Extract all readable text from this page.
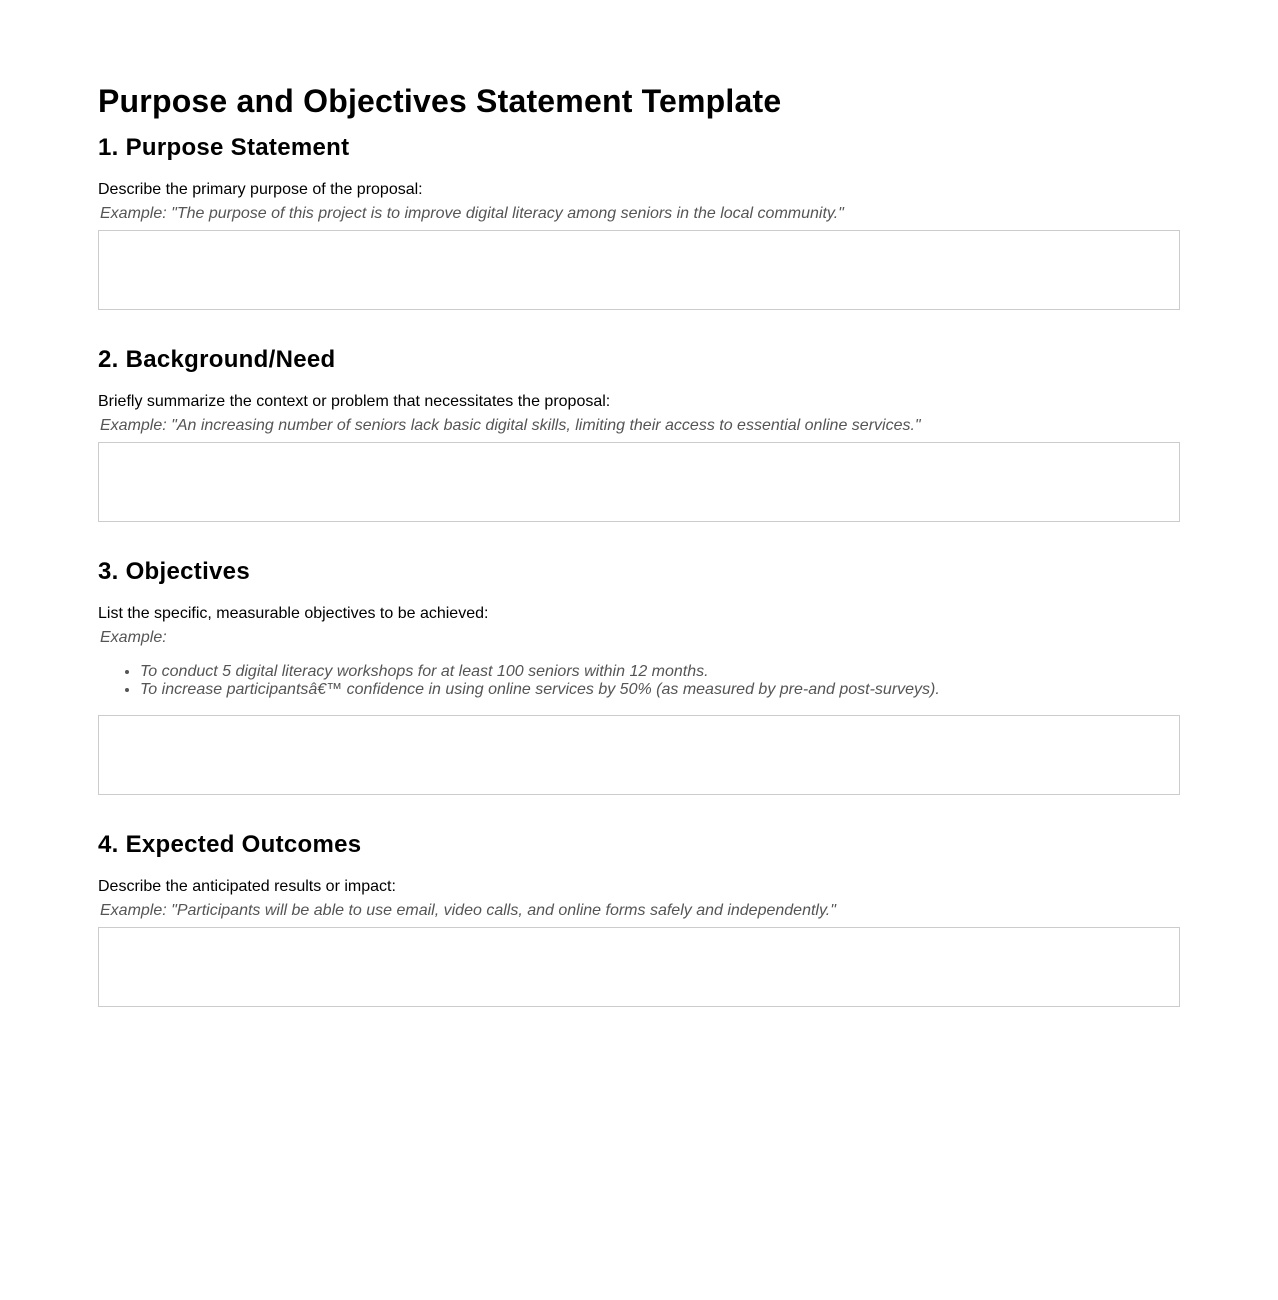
Purpose and Objectives Statement Template
1. Purpose Statement

Describe the primary purpose of the proposal:

Example: "The purpose of this project is to improve digital literacy among seniors in the local community."

2. Background/Need

Briefly summarize the context or problem that necessitates the proposal:

Example: "An increasing number of seniors lack basic digital skills, limiting their access to essential online services."

3. Objectives

List the specific, measurable objectives to be achieved:

Example:

• To conduct 5 digital literacy workshops for at least 100 seniors within 12 months.
• To increase participantsâ€™ confidence in using online services by 50% (as measured by pre-and post-surveys).
4. Expected Outcomes

Describe the anticipated results or impact:

Example: "Participants will be able to use email, video calls, and online forms safely and independently."
